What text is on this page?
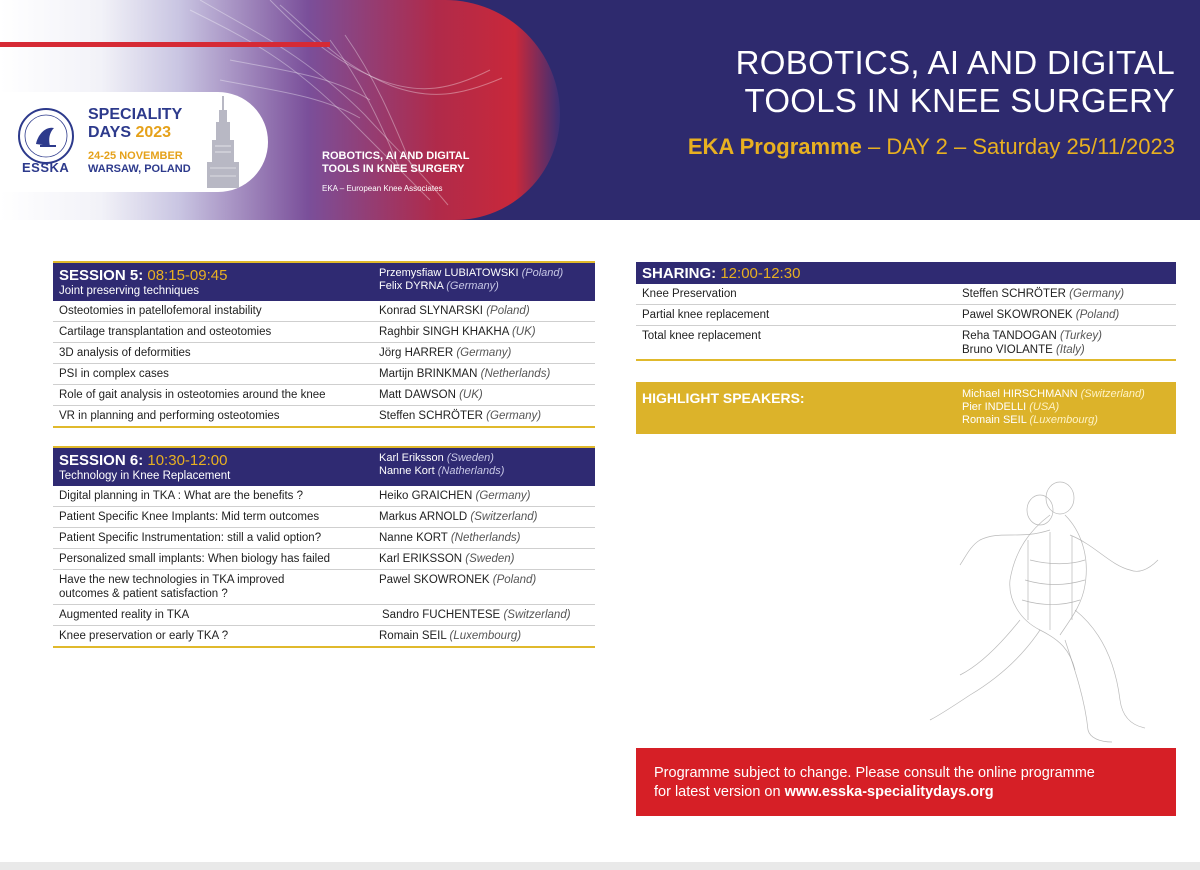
ESSKA
SPECIALITY
DAYS 2023
24-25 NOVEMBER
WARSAW, POLAND
ROBOTICS, AI AND DIGITAL
TOOLS IN KNEE SURGERY
EKA – European Knee Associates
ROBOTICS, AI AND DIGITAL
TOOLS IN KNEE SURGERY
EKA Programme – DAY 2 – Saturday 25/11/2023
SESSION 5: 08:15-09:45
Joint preserving techniques
Przemysfiaw LUBIATOWSKI (Poland)
Felix DYRNA (Germany)
Osteotomies in patellofemoral instability	Konrad SLYNARSKI (Poland)
Cartilage transplantation and osteotomies	Raghbir SINGH KHAKHA (UK)
3D analysis of deformities	Jörg HARRER (Germany)
PSI in complex cases	Martijn BRINKMAN (Netherlands)
Role of gait analysis in osteotomies around the knee	Matt DAWSON (UK)
VR in planning and performing osteotomies	Steffen SCHRÖTER (Germany)
SESSION 6: 10:30-12:00
Technology in Knee Replacement
Karl Eriksson (Sweden)
Nanne Kort (Natherlands)
Digital planning in TKA : What are the benefits ?	Heiko GRAICHEN (Germany)
Patient Specific Knee Implants: Mid term outcomes	Markus ARNOLD (Switzerland)
Patient Specific Instrumentation: still a valid option?	Nanne KORT (Netherlands)
Personalized small implants: When biology has failed	Karl ERIKSSON (Sweden)
Have the new technologies in TKA improved
outcomes & patient satisfaction ?
Pawel SKOWRONEK (Poland)
Augmented reality in TKA	Sandro FUCHENTESE (Switzerland)
Knee preservation or early TKA ?	Romain SEIL (Luxembourg)
SHARING: 12:00-12:30
Knee Preservation	Steffen SCHRÖTER (Germany)
Partial knee replacement	Pawel SKOWRONEK (Poland)
Total knee replacement	Reha TANDOGAN (Turkey)
Bruno VIOLANTE (Italy)
HIGHLIGHT SPEAKERS:	Michael HIRSCHMANN (Switzerland)
Pier INDELLI (USA)
Romain SEIL (Luxembourg)
Programme subject to change. Please consult the online programme
for latest version on www.esska-specialitydays.org
